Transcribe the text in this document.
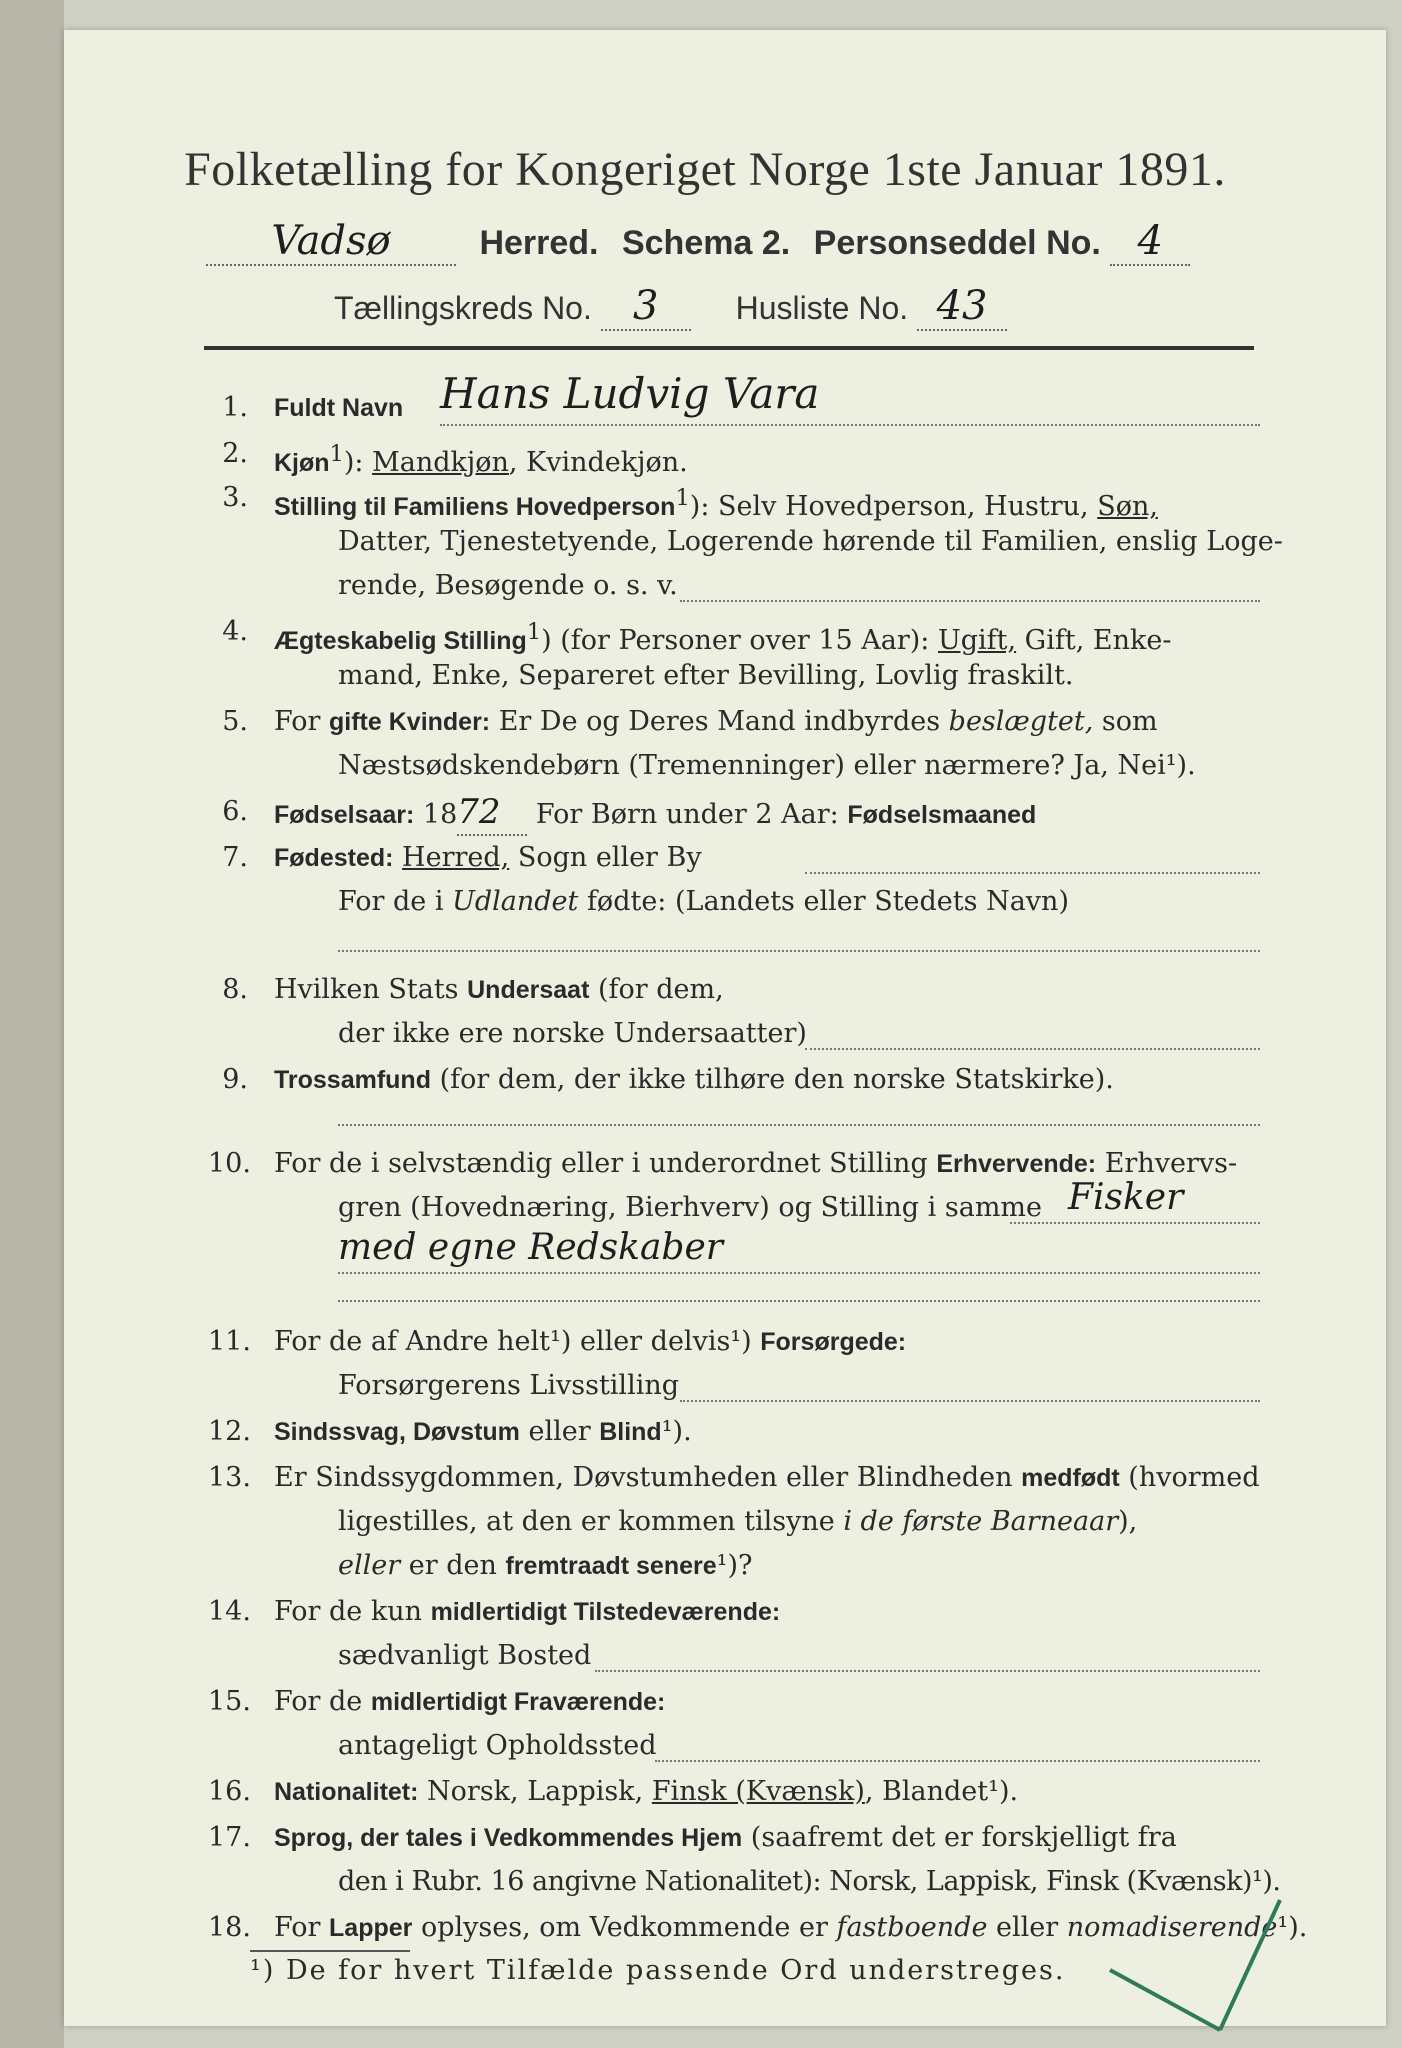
Folketælling for Kongeriget Norge 1ste Januar 1891.
Vadsø	Herred. Schema 2. Personseddel No. 4
Tællingskreds No. 3 Husliste No. 43
1. Fuldt Navn Hans Ludvig Vara
2. Kjøn$^1$): Mandkjøn, Kvindekjøn.
3. Stilling til Familiens Hovedperson$^1$): Selv Hovedperson, Hustru, Søn,
Datter, Tjenestetyende, Logerende hørende til Familien, enslig Loge-
rende, Besøgende o. s. v.
4. Ægteskabelig Stilling$^1$) (for Personer over 15 Aar): Ugift, Gift, Enke-
mand, Enke, Separeret efter Bevilling, Lovlig fraskilt.
5. For gifte Kvinder: Er De og Deres Mand indbyrdes beslægtet, som
Næstsødskendebørn (Tremenninger) eller nærmere? Ja, Nei¹).
6. Fødselsaar: 1872 For Børn under 2 Aar: Fødselsmaaned
7. Fødested: Herred, Sogn eller By
For de i Udlandet fødte: (Landets eller Stedets Navn)
8. Hvilken Stats Undersaat (for dem,
der ikke ere norske Undersaatter)
9. Trossamfund (for dem, der ikke tilhøre den norske Statskirke).
10. For de i selvstændig eller i underordnet Stilling Erhvervende: Erhvervs-
gren (Hovednæring, Bierhverv) og Stilling i samme Fisker
med egne Redskaber
11. For de af Andre helt¹) eller delvis¹) Forsørgede:
Forsørgerens Livsstilling
12. Sindssvag, Døvstum eller Blind¹).
13. Er Sindssygdommen, Døvstumheden eller Blindheden medfødt (hvormed
ligestilles, at den er kommen tilsyne i de første Barneaar),
eller er den fremtraadt senere¹)?
14. For de kun midlertidigt Tilstedeværende:
sædvanligt Bosted
15. For de midlertidigt Fraværende:
antageligt Opholdssted
16. Nationalitet: Norsk, Lappisk, Finsk (Kvænsk), Blandet¹).
17. Sprog, der tales i Vedkommendes Hjem (saafremt det er forskjelligt fra
den i Rubr. 16 angivne Nationalitet): Norsk, Lappisk, Finsk (Kvænsk)¹).
18. For Lapper oplyses, om Vedkommende er fastboende eller nomadiserende¹).
¹) De for hvert Tilfælde passende Ord understreges.
